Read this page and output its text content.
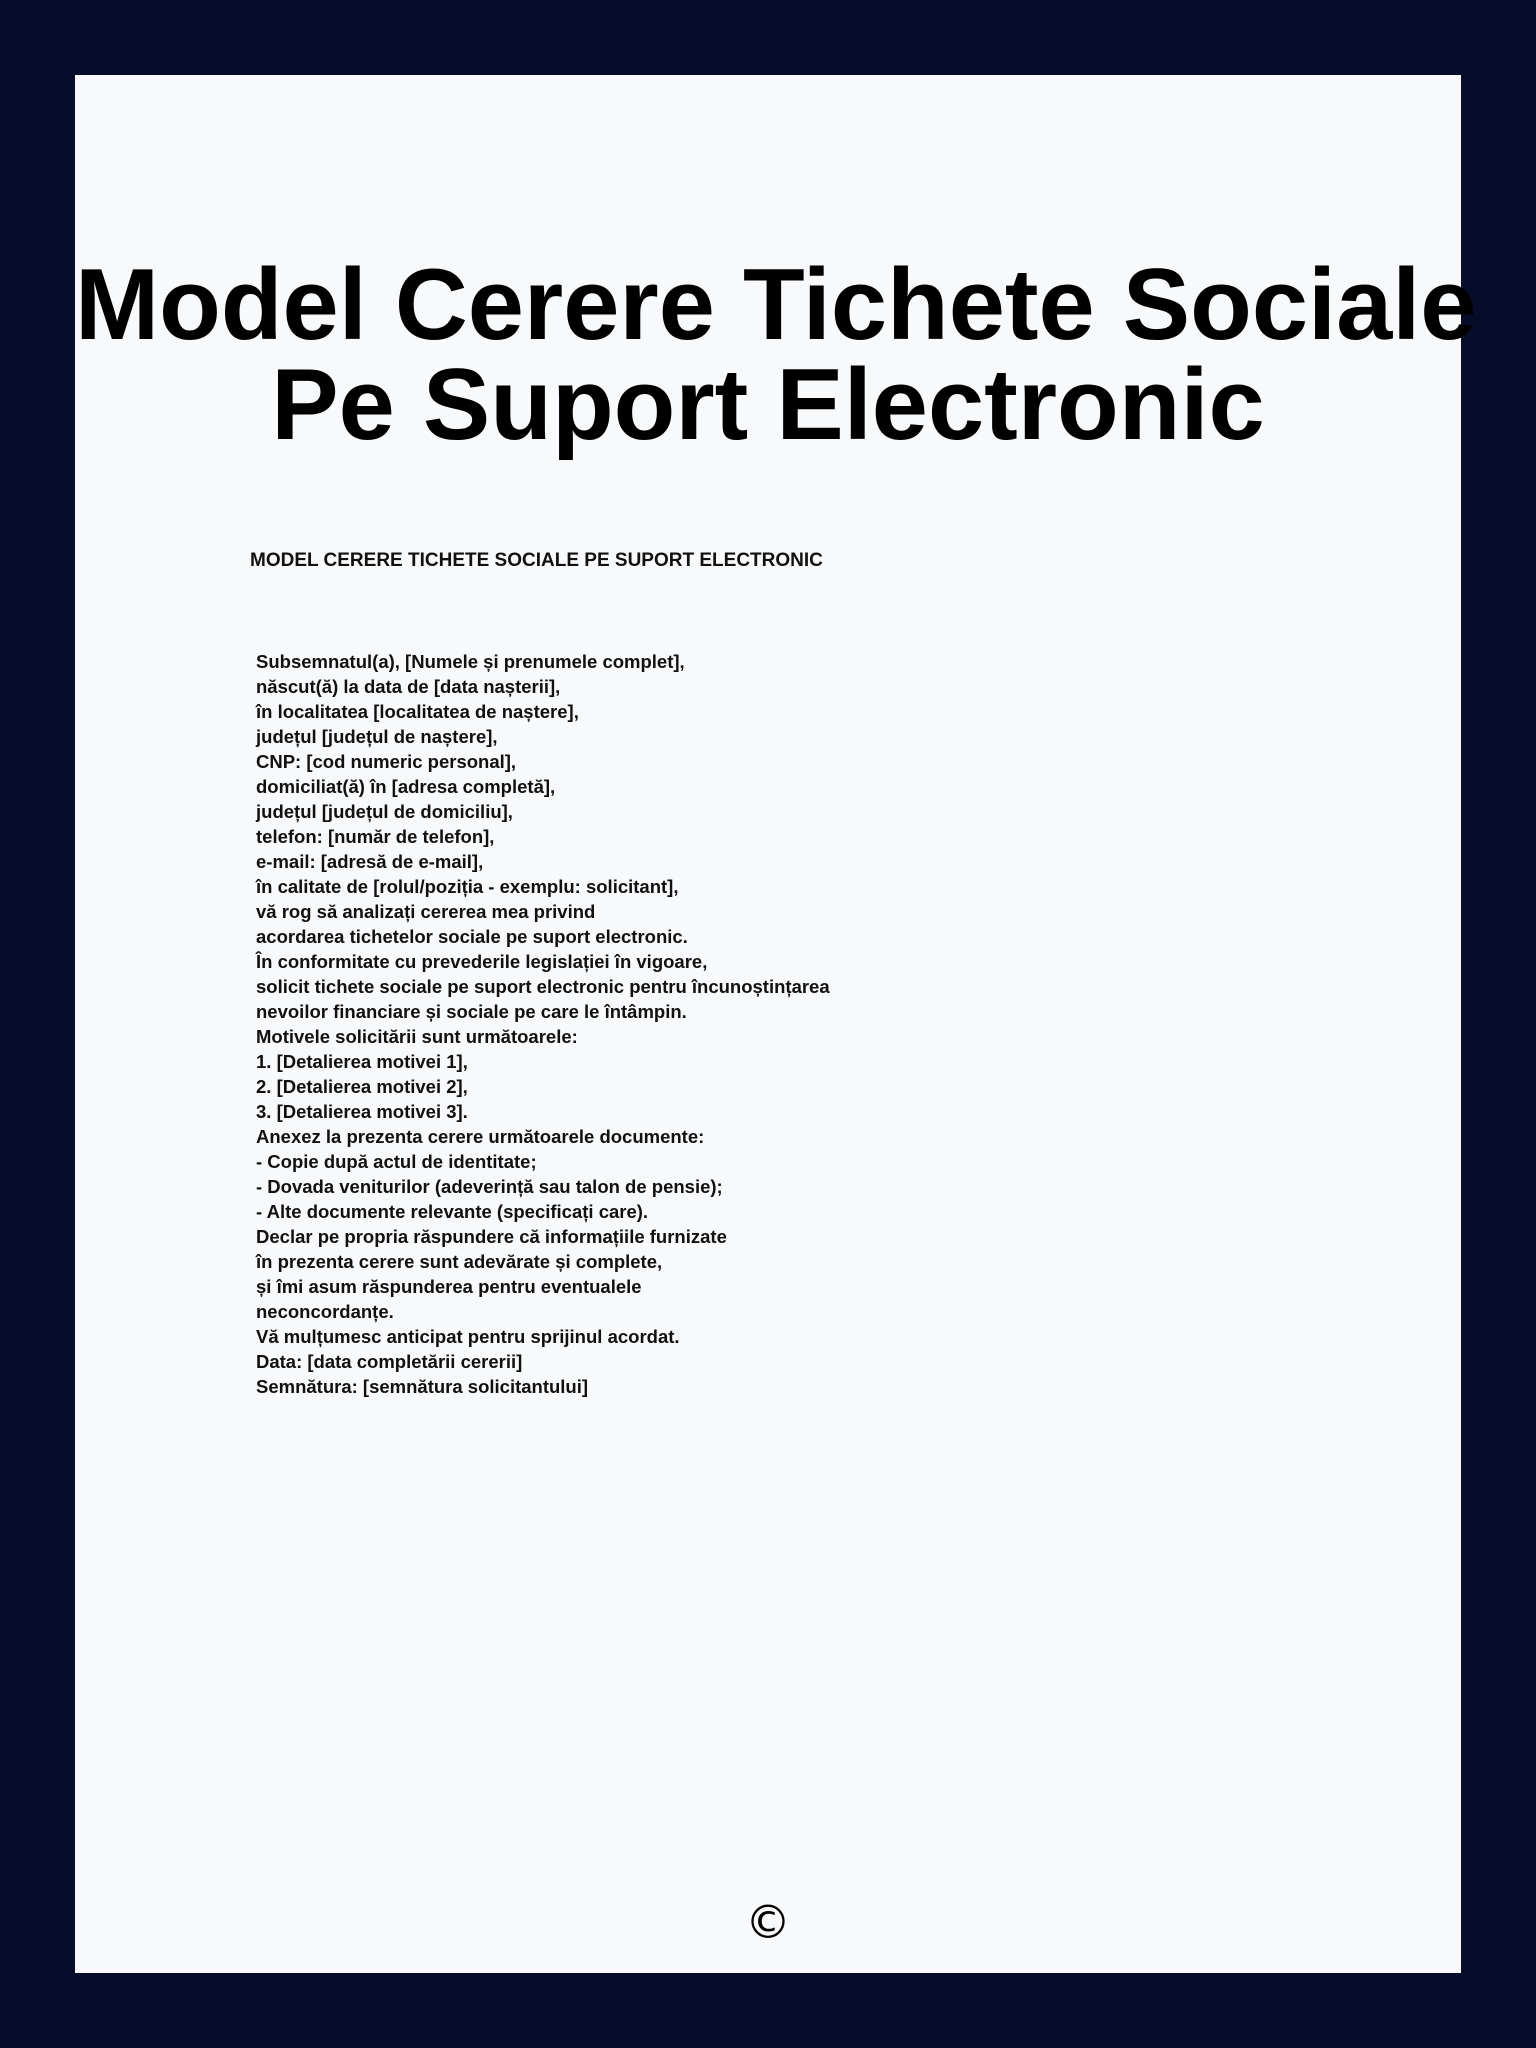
Model Cerere Tichete Sociale
Pe Suport Electronic
MODEL CERERE TICHETE SOCIALE PE SUPORT ELECTRONIC
Subsemnatul(a), [Numele și prenumele complet],
născut(ă) la data de [data nașterii],
în localitatea [localitatea de naștere],
județul [județul de naștere],
CNP: [cod numeric personal],
domiciliat(ă) în [adresa completă],
județul [județul de domiciliu],
telefon: [număr de telefon],
e-mail: [adresă de e-mail],
în calitate de [rolul/poziția - exemplu: solicitant],
vă rog să analizați cererea mea privind
acordarea tichetelor sociale pe suport electronic.
În conformitate cu prevederile legislației în vigoare,
solicit tichete sociale pe suport electronic pentru încunoștințarea
nevoilor financiare și sociale pe care le întâmpin.
Motivele solicitării sunt următoarele:
1. [Detalierea motivei 1],
2. [Detalierea motivei 2],
3. [Detalierea motivei 3].
Anexez la prezenta cerere următoarele documente:
- Copie după actul de identitate;
- Dovada veniturilor (adeverință sau talon de pensie);
- Alte documente relevante (specificați care).
Declar pe propria răspundere că informațiile furnizate
în prezenta cerere sunt adevărate și complete,
și îmi asum răspunderea pentru eventualele
neconcordanțe.
Vă mulțumesc anticipat pentru sprijinul acordat.
Data: [data completării cererii]
Semnătura: [semnătura solicitantului]
©
